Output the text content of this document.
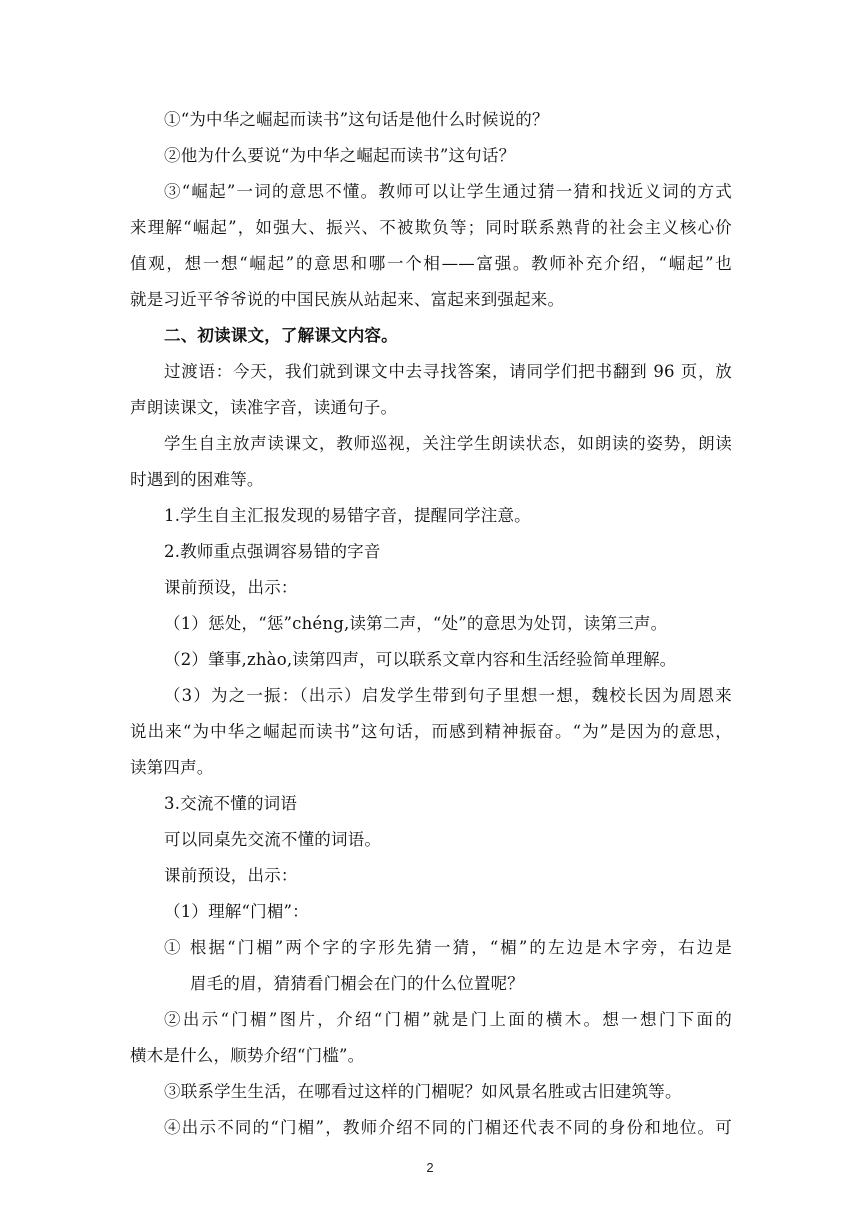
①“为中华之崛起而读书”这句话是他什么时候说的？
②他为什么要说“为中华之崛起而读书”这句话？
③“崛起”一词的意思不懂。教师可以让学生通过猜一猜和找近义词的方式
来理解“崛起”，如强大、振兴、不被欺负等；同时联系熟背的社会主义核心价
值观，想一想“崛起”的意思和哪一个相——富强。教师补充介绍，“崛起”也
就是习近平爷爷说的中国民族从站起来、富起来到强起来。
二、初读课文，了解课文内容。
过渡语：今天，我们就到课文中去寻找答案，请同学们把书翻到 96 页，放
声朗读课文，读准字音，读通句子。
学生自主放声读课文，教师巡视，关注学生朗读状态，如朗读的姿势，朗读
时遇到的困难等。
1.学生自主汇报发现的易错字音，提醒同学注意。
2.教师重点强调容易错的字音
课前预设，出示：
（1）惩处，“惩”chéng,读第二声，“处”的意思为处罚，读第三声。
（2）肇事,zhào,读第四声，可以联系文章内容和生活经验简单理解。
（3）为之一振：（出示）启发学生带到句子里想一想，魏校长因为周恩来
说出来“为中华之崛起而读书”这句话，而感到精神振奋。“为”是因为的意思，
读第四声。
3.交流不懂的词语
可以同桌先交流不懂的词语。
课前预设，出示：
（1）理解“门楣”：
① 根据“门楣”两个字的字形先猜一猜，“楣”的左边是木字旁，右边是
眉毛的眉，猜猜看门楣会在门的什么位置呢？
②出示“门楣”图片，介绍“门楣”就是门上面的横木。想一想门下面的
横木是什么，顺势介绍“门槛”。
③联系学生生活，在哪看过这样的门楣呢？如风景名胜或古旧建筑等。
④出示不同的“门楣”，教师介绍不同的门楣还代表不同的身份和地位。可
2
